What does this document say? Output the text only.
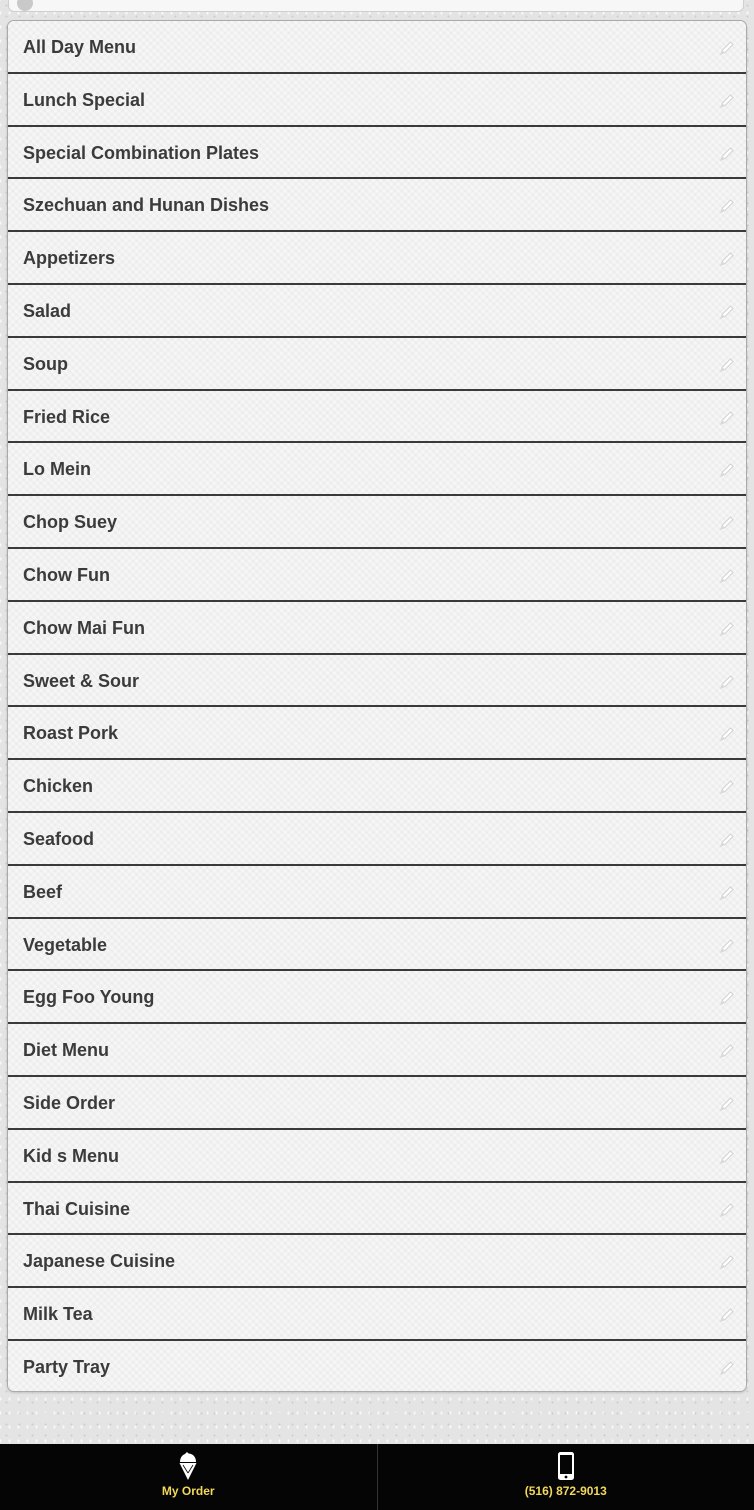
All Day Menu
Lunch Special
Special Combination Plates
Szechuan and Hunan Dishes
Appetizers
Salad
Soup
Fried Rice
Lo Mein
Chop Suey
Chow Fun
Chow Mai Fun
Sweet & Sour
Roast Pork
Chicken
Seafood
Beef
Vegetable
Egg Foo Young
Diet Menu
Side Order
Kid s Menu
Thai Cuisine
Japanese Cuisine
Milk Tea
Party Tray
My Order	(516) 872-9013
